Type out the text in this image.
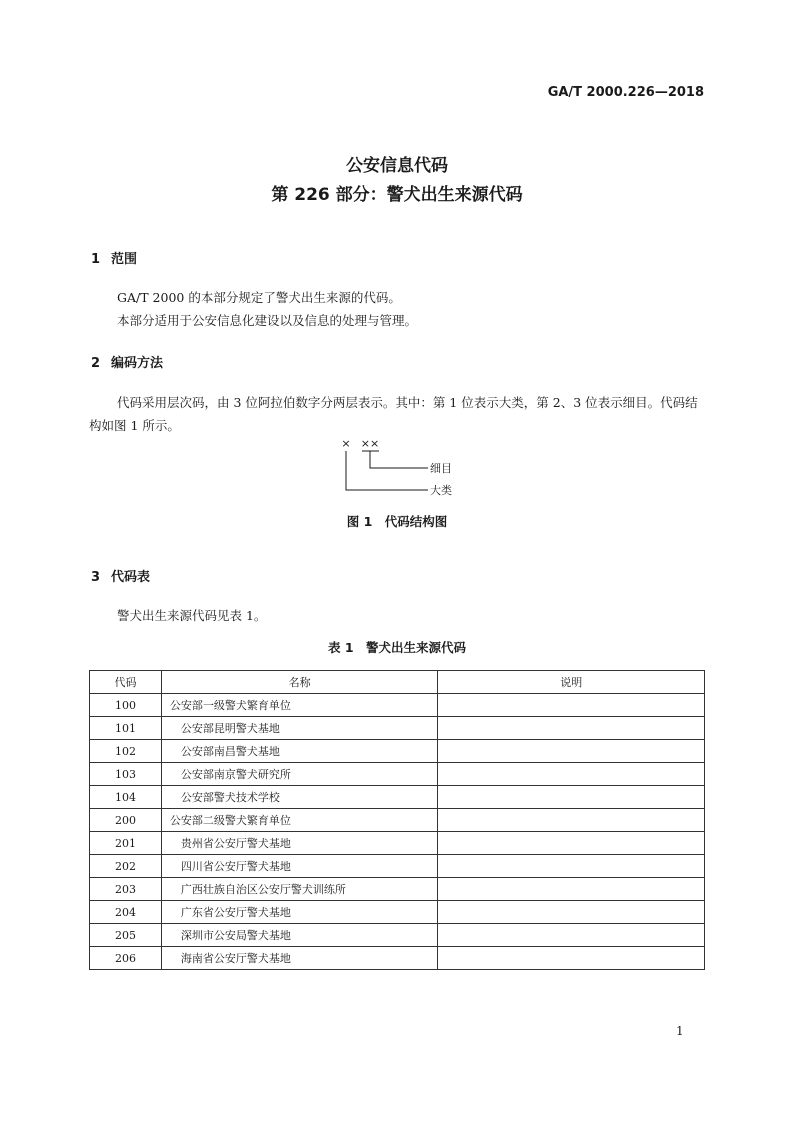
GA/T 2000.226—2018
公安信息代码
第 226 部分：警犬出生来源代码
1 范围
GA/T 2000 的本部分规定了警犬出生来源的代码。
本部分适用于公安信息化建设以及信息的处理与管理。
2 编码方法
代码采用层次码，由 3 位阿拉伯数字分两层表示。其中：第 1 位表示大类，第 2、3 位表示细目。代码结构如图 1 所示。
× ××
细目
大类
图 1　代码结构图
3 代码表
警犬出生来源代码见表 1。
表 1　警犬出生来源代码
代码	名称	说明
100	公安部一级警犬繁育单位	
101	公安部昆明警犬基地	
102	公安部南昌警犬基地	
103	公安部南京警犬研究所	
104	公安部警犬技术学校	
200	公安部二级警犬繁育单位	
201	贵州省公安厅警犬基地	
202	四川省公安厅警犬基地	
203	广西壮族自治区公安厅警犬训练所	
204	广东省公安厅警犬基地	
205	深圳市公安局警犬基地	
206	海南省公安厅警犬基地	
1
